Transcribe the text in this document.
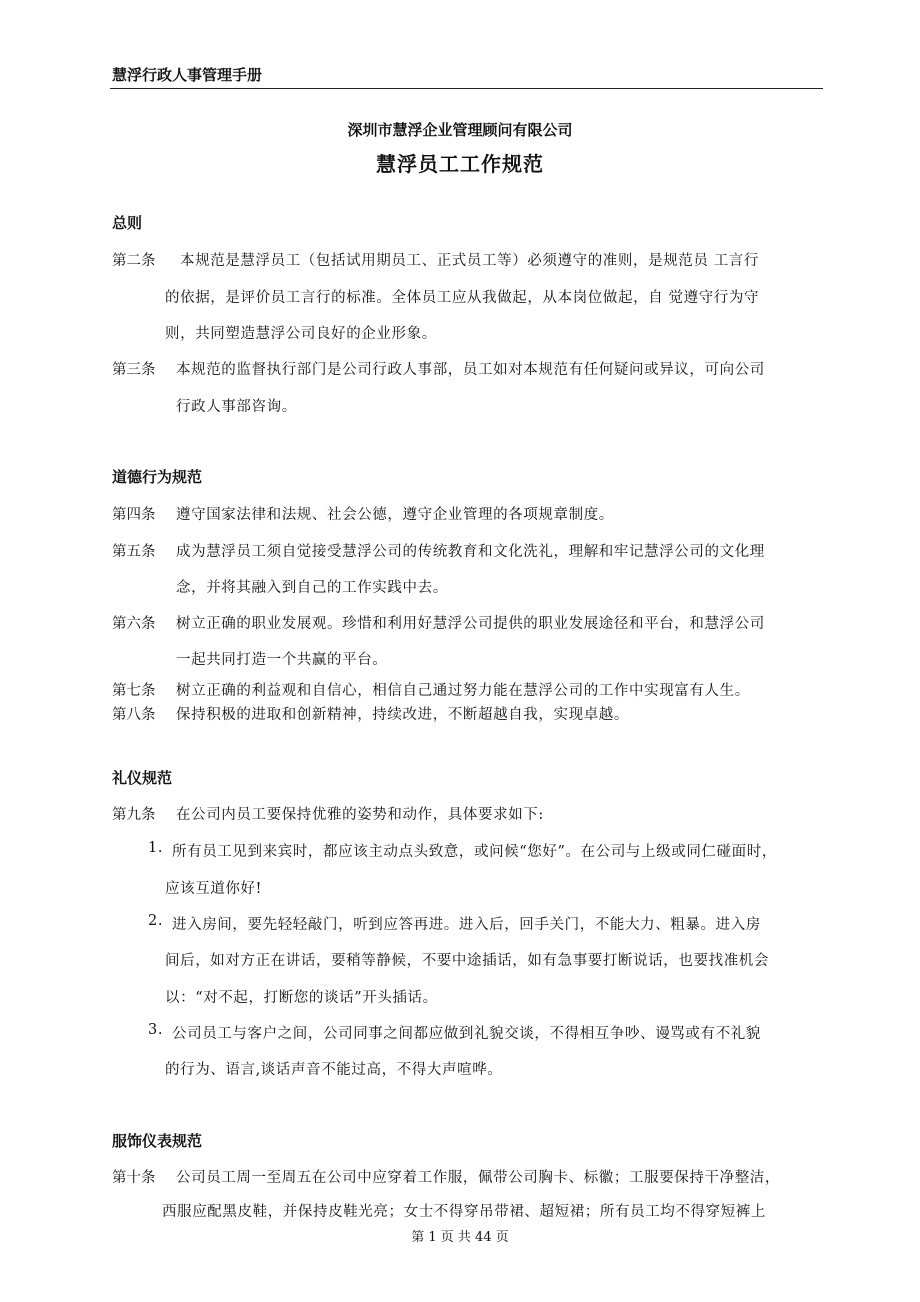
慧浮行政人事管理手册
深圳市慧浮企业管理顾问有限公司
慧浮员工工作规范
总则
第二条 本规范是慧浮员工（包括试用期员工、正式员工等）必须遵守的准则，是规范员 工言行
的依据，是评价员工言行的标准。全体员工应从我做起，从本岗位做起，自 觉遵守行为守
则，共同塑造慧浮公司良好的企业形象。
第三条 本规范的监督执行部门是公司行政人事部，员工如对本规范有任何疑问或异议，可向公司
行政人事部咨询。
道德行为规范
第四条 遵守国家法律和法规、社会公德，遵守企业管理的各项规章制度。
第五条 成为慧浮员工须自觉接受慧浮公司的传统教育和文化洗礼，理解和牢记慧浮公司的文化理
念，并将其融入到自己的工作实践中去。
第六条 树立正确的职业发展观。珍惜和利用好慧浮公司提供的职业发展途径和平台，和慧浮公司
一起共同打造一个共赢的平台。
第七条 树立正确的利益观和自信心，相信自己通过努力能在慧浮公司的工作中实现富有人生。
第八条 保持积极的进取和创新精神，持续改进，不断超越自我，实现卓越。
礼仪规范
第九条 在公司内员工要保持优雅的姿势和动作，具体要求如下:
1. 所有员工见到来宾时，都应该主动点头致意，或问候“您好”。在公司与上级或同仁碰面时，
应该互道你好!
2. 进入房间，要先轻轻敲门，听到应答再进。进入后，回手关门，不能大力、粗暴。进入房
间后，如对方正在讲话，要稍等静候，不要中途插话，如有急事要打断说话，也要找准机会
以：“对不起，打断您的谈话”开头插话。
3. 公司员工与客户之间，公司同事之间都应做到礼貌交谈，不得相互争吵、谩骂或有不礼貌
的行为、语言,谈话声音不能过高，不得大声喧哗。
服饰仪表规范
第十条 公司员工周一至周五在公司中应穿着工作服，佩带公司胸卡、标徽；工服要保持干净整洁，
西服应配黑皮鞋，并保持皮鞋光亮；女士不得穿吊带裙、超短裙；所有员工均不得穿短裤上
第 1 页 共 44 页
